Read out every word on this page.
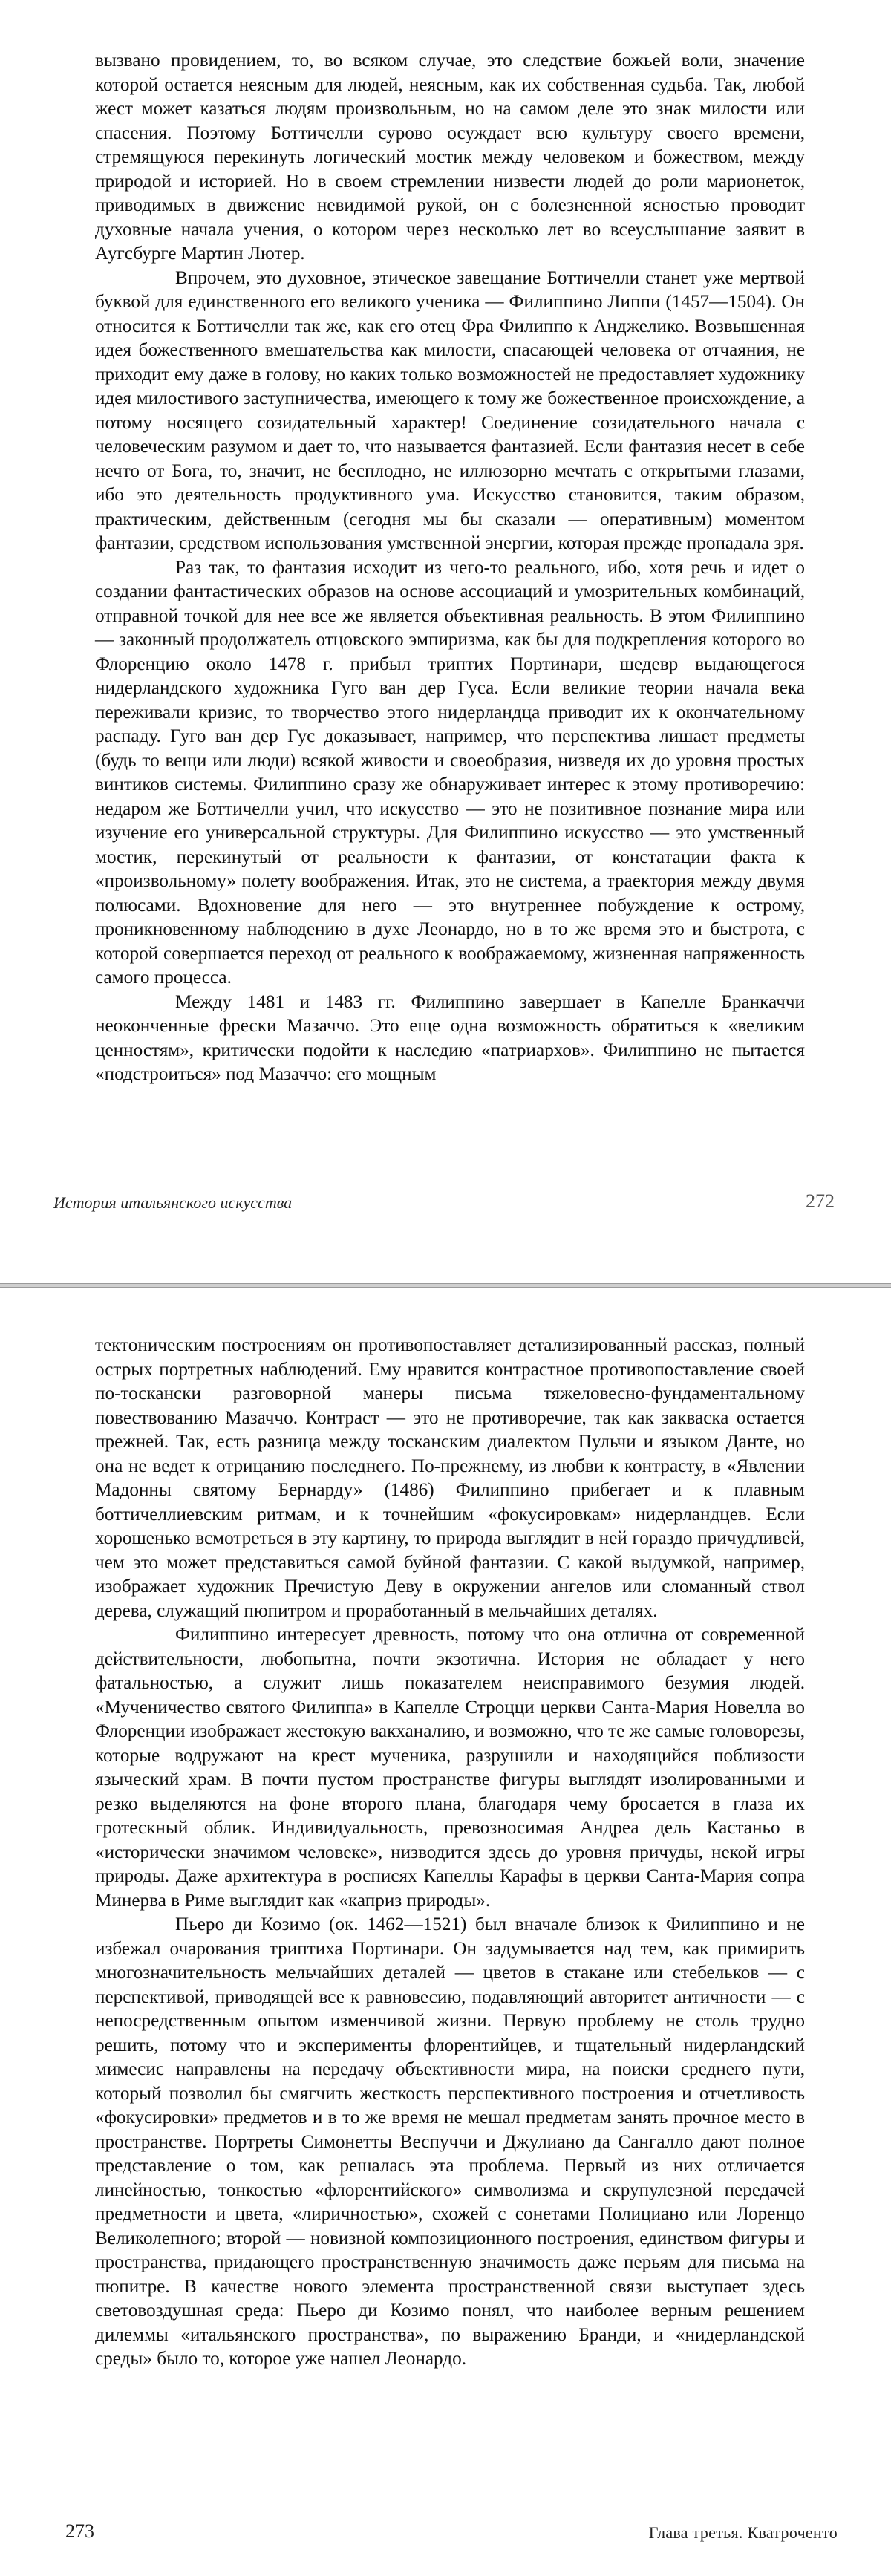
вызвано провидением, то, во всяком случае, это следствие божьей воли, значение которой остается неясным для людей, неясным, как их собственная судьба. Так, любой жест может казаться людям произвольным, но на самом деле это знак милости или спасения. Поэтому Боттичелли сурово осуждает всю культуру своего времени, стремящуюся перекинуть логический мостик между человеком и божеством, между природой и историей. Но в своем стремлении низвести людей до роли марионеток, приводимых в движение невидимой рукой, он с болезненной ясностью проводит духовные начала учения, о котором через несколько лет во всеуслышание заявит в Аугсбурге Мартин Лютер.

Впрочем, это духовное, этическое завещание Боттичелли станет уже мертвой буквой для единственного его великого ученика — Филиппино Липпи (1457—1504). Он относится к Боттичелли так же, как его отец Фра Филиппо к Анджелико. Возвышенная идея божественного вмешательства как милости, спасающей человека от отчаяния, не приходит ему даже в голову, но каких только возможностей не предоставляет художнику идея милостивого заступничества, имеющего к тому же божественное происхождение, а потому носящего созидательный характер! Соединение созидательного начала с человеческим разумом и дает то, что называется фантазией. Если фантазия несет в себе нечто от Бога, то, значит, не бесплодно, не иллюзорно мечтать с открытыми глазами, ибо это деятельность продуктивного ума. Искусство становится, таким образом, практическим, действенным (сегодня мы бы сказали — оперативным) моментом фантазии, средством использования умственной энергии, которая прежде пропадала зря.

Раз так, то фантазия исходит из чего-то реального, ибо, хотя речь и идет о создании фантастических образов на основе ассоциаций и умозрительных комбинаций, отправной точкой для нее все же является объективная реальность. В этом Филиппино — законный продолжатель отцовского эмпиризма, как бы для подкрепления которого во Флоренцию около 1478 г. прибыл триптих Портинари, шедевр выдающегося нидерландского художника Гуго ван дер Гуса. Если великие теории начала века переживали кризис, то творчество этого нидерландца приводит их к окончательному распаду. Гуго ван дер Гус доказывает, например, что перспектива лишает предметы (будь то вещи или люди) всякой живости и своеобразия, низведя их до уровня простых винтиков системы. Филиппино сразу же обнаруживает интерес к этому противоречию: недаром же Боттичелли учил, что искусство — это не позитивное познание мира или изучение его универсальной структуры. Для Филиппино искусство — это умственный мостик, перекинутый от реальности к фантазии, от констатации факта к «произвольному» полету воображения. Итак, это не система, а траектория между двумя полюсами. Вдохновение для него — это внутреннее побуждение к острому, проникновенному наблюдению в духе Леонардо, но в то же время это и быстрота, с которой совершается переход от реального к воображаемому, жизненная напряженность самого процесса.

Между 1481 и 1483 гг. Филиппино завершает в Капелле Бранкаччи неоконченные фрески Мазаччо. Это еще одна возможность обратиться к «великим ценностям», критически подойти к наследию «патриархов». Филиппино не пытается «подстроиться» под Мазаччо: его мощным

История итальянского искусства	272

тектоническим построениям он противопоставляет детализированный рассказ, полный острых портретных наблюдений. Ему нравится контрастное противопоставление своей по-тоскански разговорной манеры письма тяжеловесно-фундаментальному повествованию Мазаччо. Контраст — это не противоречие, так как закваска остается прежней. Так, есть разница между тосканским диалектом Пульчи и языком Данте, но она не ведет к отрицанию последнего. По-прежнему, из любви к контрасту, в «Явлении Мадонны святому Бернарду» (1486) Филиппино прибегает и к плавным боттичеллиевским ритмам, и к точнейшим «фокусировкам» нидерландцев. Если хорошенько всмотреться в эту картину, то природа выглядит в ней гораздо причудливей, чем это может представиться самой буйной фантазии. С какой выдумкой, например, изображает художник Пречистую Деву в окружении ангелов или сломанный ствол дерева, служащий пюпитром и проработанный в мельчайших деталях.

Филиппино интересует древность, потому что она отлична от современной действительности, любопытна, почти экзотична. История не обладает у него фатальностью, а служит лишь показателем неисправимого безумия людей. «Мученичество святого Филиппа» в Капелле Строцци церкви Санта-Мария Новелла во Флоренции изображает жестокую вакханалию, и возможно, что те же самые головорезы, которые водружают на крест мученика, разрушили и находящийся поблизости языческий храм. В почти пустом пространстве фигуры выглядят изолированными и резко выделяются на фоне второго плана, благодаря чему бросается в глаза их гротескный облик. Индивидуальность, превозносимая Андреа дель Кастаньо в «исторически значимом человеке», низводится здесь до уровня причуды, некой игры природы. Даже архитектура в росписях Капеллы Карафы в церкви Санта-Мария сопра Минерва в Риме выглядит как «каприз природы».

Пьеро ди Козимо (ок. 1462—1521) был вначале близок к Филиппино и не избежал очарования триптиха Портинари. Он задумывается над тем, как примирить многозначительность мельчайших деталей — цветов в стакане или стебельков — с перспективой, приводящей все к равновесию, подавляющий авторитет античности — с непосредственным опытом изменчивой жизни. Первую проблему не столь трудно решить, потому что и эксперименты флорентийцев, и тщательный нидерландский мимесис направлены на передачу объективности мира, на поиски среднего пути, который позволил бы смягчить жесткость перспективного построения и отчетливость «фокусировки» предметов и в то же время не мешал предметам занять прочное место в пространстве. Портреты Симонетты Веспуччи и Джулиано да Сангалло дают полное представление о том, как решалась эта проблема. Первый из них отличается линейностью, тонкостью «флорентийского» символизма и скрупулезной передачей предметности и цвета, «лиричностью», схожей с сонетами Полициано или Лоренцо Великолепного; второй — новизной композиционного построения, единством фигуры и пространства, придающего пространственную значимость даже перьям для письма на пюпитре. В качестве нового элемента пространственной связи выступает здесь световоздушная среда: Пьеро ди Козимо понял, что наиболее верным решением дилеммы «итальянского пространства», по выражению Бранди, и «нидерландской среды» было то, которое уже нашел Леонардо.

273	Глава третья. Кватроченто
